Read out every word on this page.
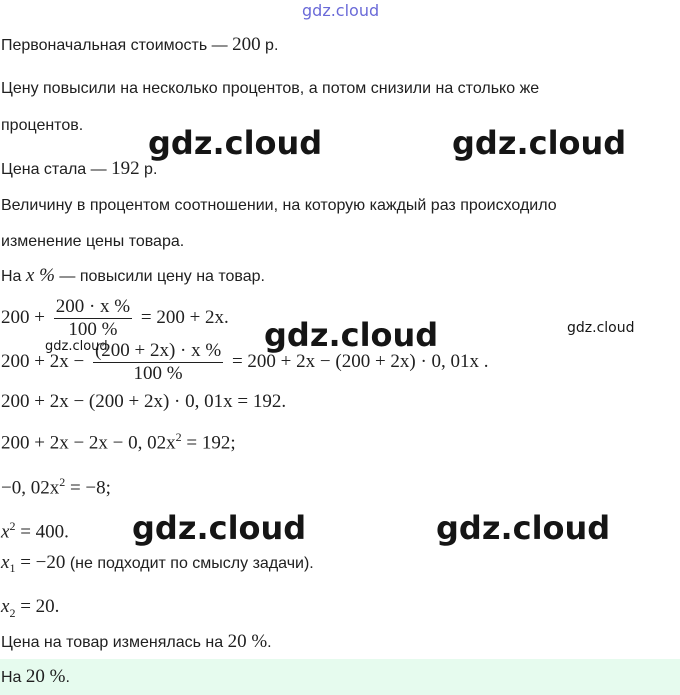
gdz.cloud
Первоначальная стоимость — 200 р.
Цену повысили на несколько процентов, а потом снизили на столько же
процентов.
Цена стала — 192 р.
Величину в процентом соотношении, на которую каждый раз происходило
изменение цены товара.
На x % — повысили цену на товар.
$200 + \frac{200 \cdot x \%}{100 \%} = 200 + 2x$.
$200 + 2x - \frac{(200 + 2x) \cdot x \%}{100 \%} = 200 + 2x - (200 + 2x) \cdot 0$, 01x .
200 + 2x − (200 + 2x) · 0, 01x = 192.
200 + 2x − 2x − 0, $02x^2 = 192$;
−0, $02x^2 = -8$;
$x^2 = 400$.
$x_1 = -20$ (не подходит по смыслу задачи).
$x_2 = 20$.
Цена на товар изменялась на 20 %.
На 20 %.
gdz.cloud	gdz.cloud
gdz.cloud	gdz.cloud
gdz.cloud
gdz.cloud	gdz.cloud
